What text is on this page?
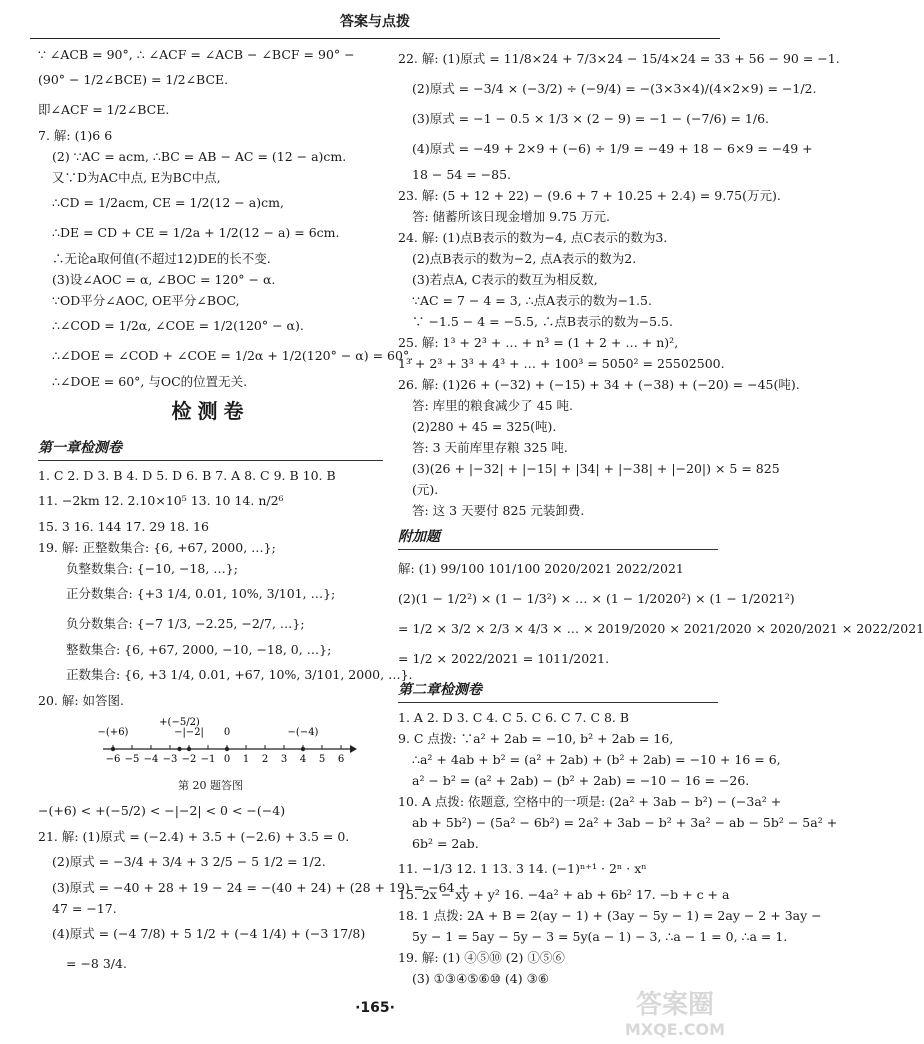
答案与点拨
∵ ∠ACB = 90°, ∴ ∠ACF = ∠ACB − ∠BCF = 90° −
(90° − 1/2∠BCE) = 1/2∠BCE.
即∠ACF = 1/2∠BCE.
7. 解: (1)6 6
(2) ∵AC = acm, ∴BC = AB − AC = (12 − a)cm.
又∵D为AC中点, E为BC中点,
∴CD = 1/2acm, CE = 1/2(12 − a)cm,
∴DE = CD + CE = 1/2a + 1/2(12 − a) = 6cm.
∴无论a取何值(不超过12)DE的长不变.
(3)设∠AOC = α, ∠BOC = 120° − α.
∵OD平分∠AOC, OE平分∠BOC,
∴∠COD = 1/2α, ∠COE = 1/2(120° − α).
∴∠DOE = ∠COD + ∠COE = 1/2α + 1/2(120° − α) = 60°.
∴∠DOE = 60°, 与OC的位置无关.
检测卷
第一章检测卷
1. C 2. D 3. B 4. D 5. D 6. B 7. A 8. C 9. B 10. B
11. −2km 12. 2.10×10⁵ 13. 10 14. n/2⁶
15. 3 16. 144 17. 29 18. 16
19. 解: 正整数集合: {6, +67, 2000, …};
负整数集合: {−10, −18, …};
正分数集合: {+3 1/4, 0.01, 10%, 3/101, …};
负分数集合: {−7 1/3, −2.25, −2/7, …};
整数集合: {6, +67, 2000, −10, −18, 0, …};
正数集合: {6, +3 1/4, 0.01, +67, 10%, 3/101, 2000, …}.
20. 解: 如答图.
−6 −5 −4 −3 −2 −1 0 1 2 3 4 5 6
−(+6)
+(−5/2)
−|−2| 0	−(−4)
第 20 题答图
−(+6) < +(−5/2) < −|−2| < 0 < −(−4)
21. 解: (1)原式 = (−2.4) + 3.5 + (−2.6) + 3.5 = 0.
(2)原式 = −3/4 + 3/4 + 3 2/5 − 5 1/2 = 1/2.
(3)原式 = −40 + 28 + 19 − 24 = −(40 + 24) + (28 + 19) = −64 +
47 = −17.
(4)原式 = (−4 7/8) + 5 1/2 + (−4 1/4) + (−3 17/8)
= −8 3/4.
22. 解: (1)原式 = 11/8×24 + 7/3×24 − 15/4×24 = 33 + 56 − 90 = −1.
(2)原式 = −3/4 × (−3/2) ÷ (−9/4) = −(3×3×4)/(4×2×9) = −1/2.
(3)原式 = −1 − 0.5 × 1/3 × (2 − 9) = −1 − (−7/6) = 1/6.
(4)原式 = −49 + 2×9 + (−6) ÷ 1/9 = −49 + 18 − 6×9 = −49 +
18 − 54 = −85.
23. 解: (5 + 12 + 22) − (9.6 + 7 + 10.25 + 2.4) = 9.75(万元).
答: 储蓄所该日现金增加 9.75 万元.
24. 解: (1)点B表示的数为−4, 点C表示的数为3.
(2)点B表示的数为−2, 点A表示的数为2.
(3)若点A, C表示的数互为相反数,
∵AC = 7 − 4 = 3, ∴点A表示的数为−1.5.
∵ −1.5 − 4 = −5.5, ∴点B表示的数为−5.5.
25. 解: 1³ + 2³ + … + n³ = (1 + 2 + … + n)²,
1³ + 2³ + 3³ + 4³ + … + 100³ = 5050² = 25502500.
26. 解: (1)26 + (−32) + (−15) + 34 + (−38) + (−20) = −45(吨).
答: 库里的粮食减少了 45 吨.
(2)280 + 45 = 325(吨).
答: 3 天前库里存粮 325 吨.
(3)(26 + |−32| + |−15| + |34| + |−38| + |−20|) × 5 = 825
(元).
答: 这 3 天要付 825 元装卸费.
附加题
解: (1) 99/100 101/100 2020/2021 2022/2021
(2)(1 − 1/2²) × (1 − 1/3²) × … × (1 − 1/2020²) × (1 − 1/2021²)
= 1/2 × 3/2 × 2/3 × 4/3 × … × 2019/2020 × 2021/2020 × 2020/2021 × 2022/2021
= 1/2 × 2022/2021 = 1011/2021.
第二章检测卷
1. A 2. D 3. C 4. C 5. C 6. C 7. C 8. B
9. C 点拨: ∵a² + 2ab = −10, b² + 2ab = 16,
∴a² + 4ab + b² = (a² + 2ab) + (b² + 2ab) = −10 + 16 = 6,
a² − b² = (a² + 2ab) − (b² + 2ab) = −10 − 16 = −26.
10. A 点拨: 依题意, 空格中的一项是: (2a² + 3ab − b²) − (−3a² +
ab + 5b²) − (5a² − 6b²) = 2a² + 3ab − b² + 3a² − ab − 5b² − 5a² +
6b² = 2ab.
11. −1/3 12. 1 13. 3 14. (−1)ⁿ⁺¹ · 2ⁿ · xⁿ
15. 2x − xy + y² 16. −4a² + ab + 6b² 17. −b + c + a
18. 1 点拨: 2A + B = 2(ay − 1) + (3ay − 5y − 1) = 2ay − 2 + 3ay −
5y − 1 = 5ay − 5y − 3 = 5y(a − 1) − 3, ∴a − 1 = 0, ∴a = 1.
19. 解: (1) ④⑤⑩ (2) ①⑤⑥
(3) ①③④⑤⑥⑩ (4) ③⑥
·165·	答案圈
MXQE.COM
